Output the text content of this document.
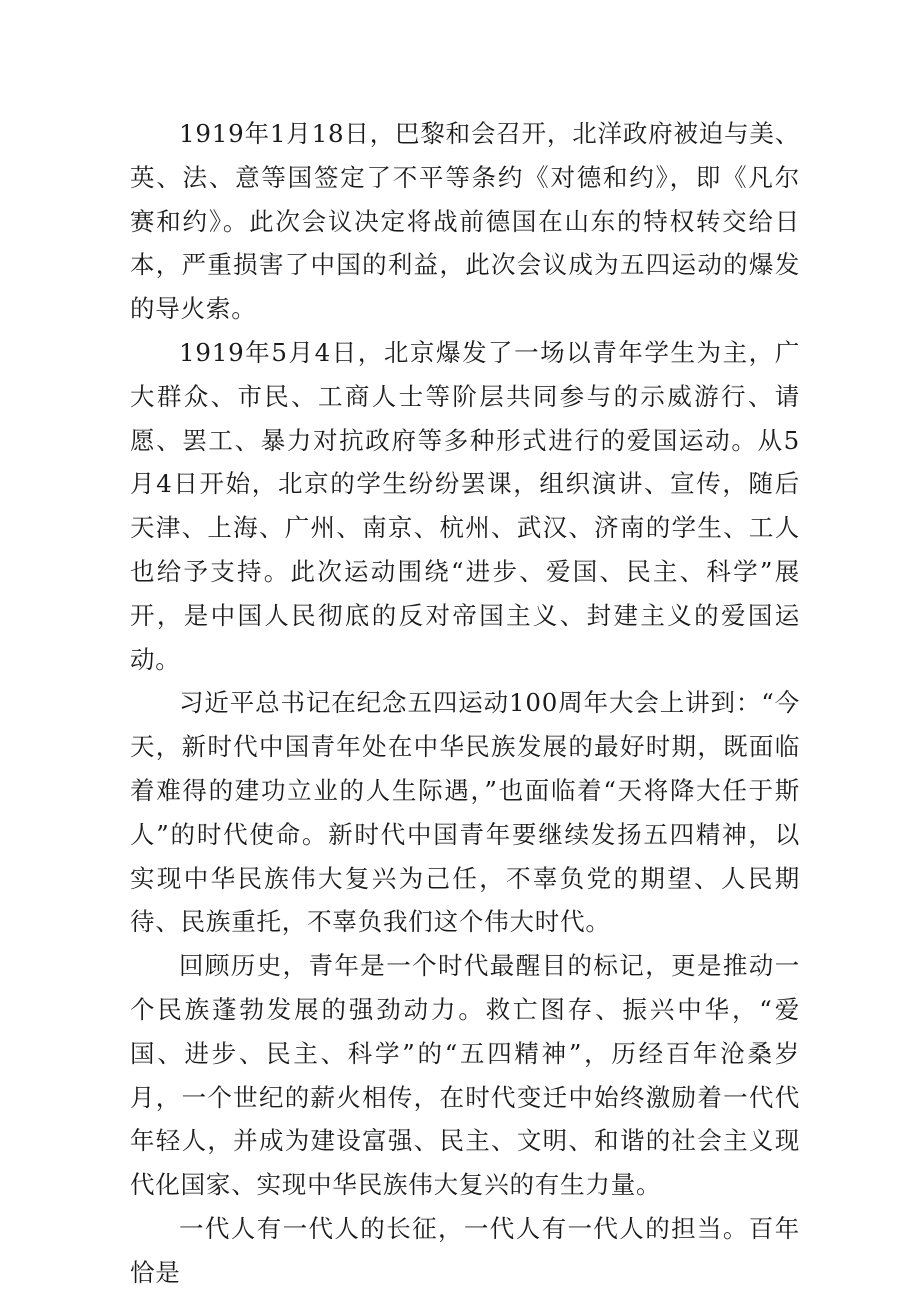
1919年1月18日，巴黎和会召开，北洋政府被迫与美、英、法、意等国签定了不平等条约《对德和约》，即《凡尔赛和约》。此次会议决定将战前德国在山东的特权转交给日本，严重损害了中国的利益，此次会议成为五四运动的爆发的导火索。

1919年5月4日，北京爆发了一场以青年学生为主，广大群众、市民、工商人士等阶层共同参与的示威游行、请愿、罢工、暴力对抗政府等多种形式进行的爱国运动。从5月4日开始，北京的学生纷纷罢课，组织演讲、宣传，随后天津、上海、广州、南京、杭州、武汉、济南的学生、工人也给予支持。此次运动围绕“进步、爱国、民主、科学”展开，是中国人民彻底的反对帝国主义、封建主义的爱国运动。

习近平总书记在纪念五四运动100周年大会上讲到：“今天，新时代中国青年处在中华民族发展的最好时期，既面临着难得的建功立业的人生际遇，”也面临着“天将降大任于斯人”的时代使命。新时代中国青年要继续发扬五四精神，以实现中华民族伟大复兴为己任，不辜负党的期望、人民期待、民族重托，不辜负我们这个伟大时代。

回顾历史，青年是一个时代最醒目的标记，更是推动一个民族蓬勃发展的强劲动力。救亡图存、振兴中华，“爱国、进步、民主、科学”的“五四精神”，历经百年沧桑岁月，一个世纪的薪火相传，在时代变迁中始终激励着一代代年轻人，并成为建设富强、民主、文明、和谐的社会主义现代化国家、实现中华民族伟大复兴的有生力量。

一代人有一代人的长征，一代人有一代人的担当。百年恰是
